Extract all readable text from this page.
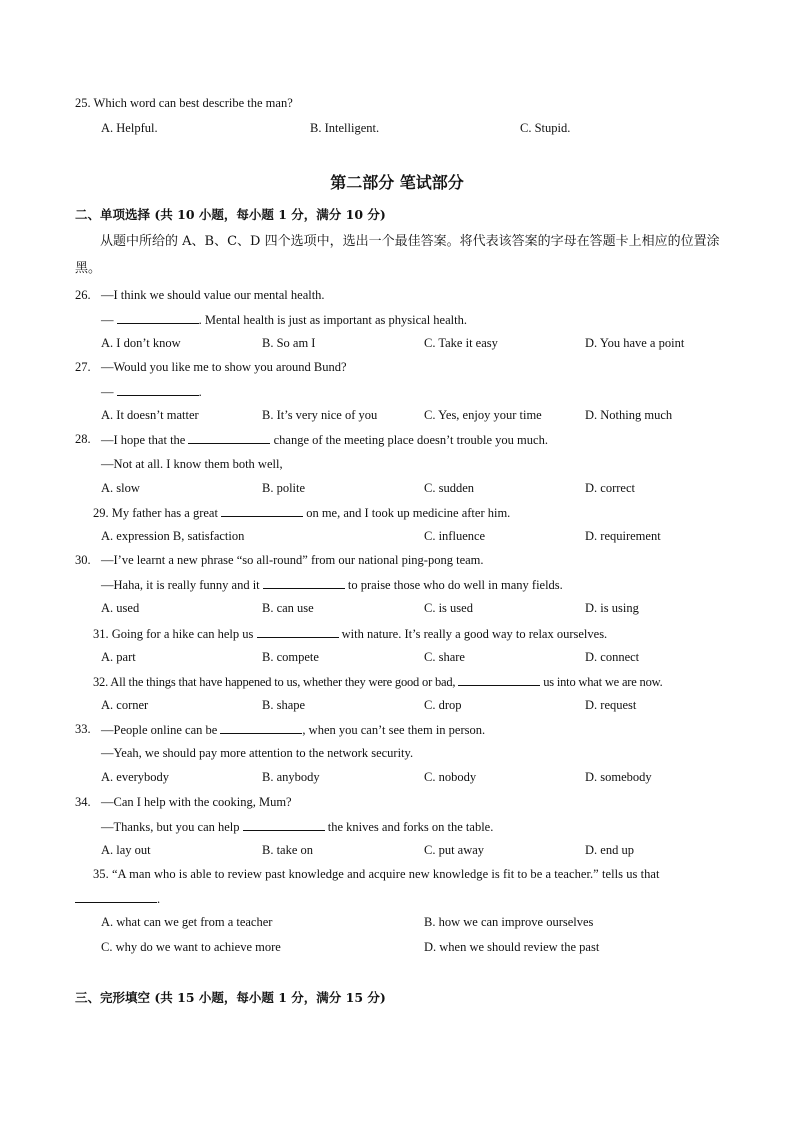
25. Which word can best describe the man?
A. Helpful.	B. Intelligent.	C. Stupid.
第二部分 笔试部分
二、单项选择 (共 10 小题，每小题 1 分，满分 10 分)
从题中所给的 A、B、C、D 四个选项中，选出一个最佳答案。将代表该答案的字母在答题卡上相应的位置涂黑。
26. —I think we should value our mental health.
—	. Mental health is just as important as physical health.
A. I don’t know	B. So am I	C. Take it easy	D. You have a point
27. —Would you like me to show you around Bund?
—	.
A. It doesn’t matter	B. It’s very nice of you	C. Yes, enjoy your time	D. Nothing much
28. —I hope that the	change of the meeting place doesn’t trouble you much.
—Not at all. I know them both well,
A. slow	B. polite	C. sudden	D. correct
29. My father has a great	on me, and I took up medicine after him.
A. expression B, satisfaction	C. influence	D. requirement
30. —I’ve learnt a new phrase “so all-round” from our national ping-pong team.
—Haha, it is really funny and it	to praise those who do well in many fields.
A. used	B. can use	C. is used	D. is using
31. Going for a hike can help us	with nature. It’s really a good way to relax ourselves.
A. part	B. compete	C. share	D. connect
32. All the things that have happened to us, whether they were good or bad,	us into what we are now.
A. corner	B. shape	C. drop	D. request
33. —People online can be	, when you can’t see them in person.
—Yeah, we should pay more attention to the network security.
A. everybody	B. anybody	C. nobody	D. somebody
34. —Can I help with the cooking, Mum?
—Thanks, but you can help	the knives and forks on the table.
A. lay out	B. take on	C. put away	D. end up
35. “A man who is able to review past knowledge and acquire new knowledge is fit to be a teacher.” tells us that
.
A. what can we get from a teacher	B. how we can improve ourselves
C. why do we want to achieve more	D. when we should review the past
三、完形填空 (共 15 小题，每小题 1 分，满分 15 分)
